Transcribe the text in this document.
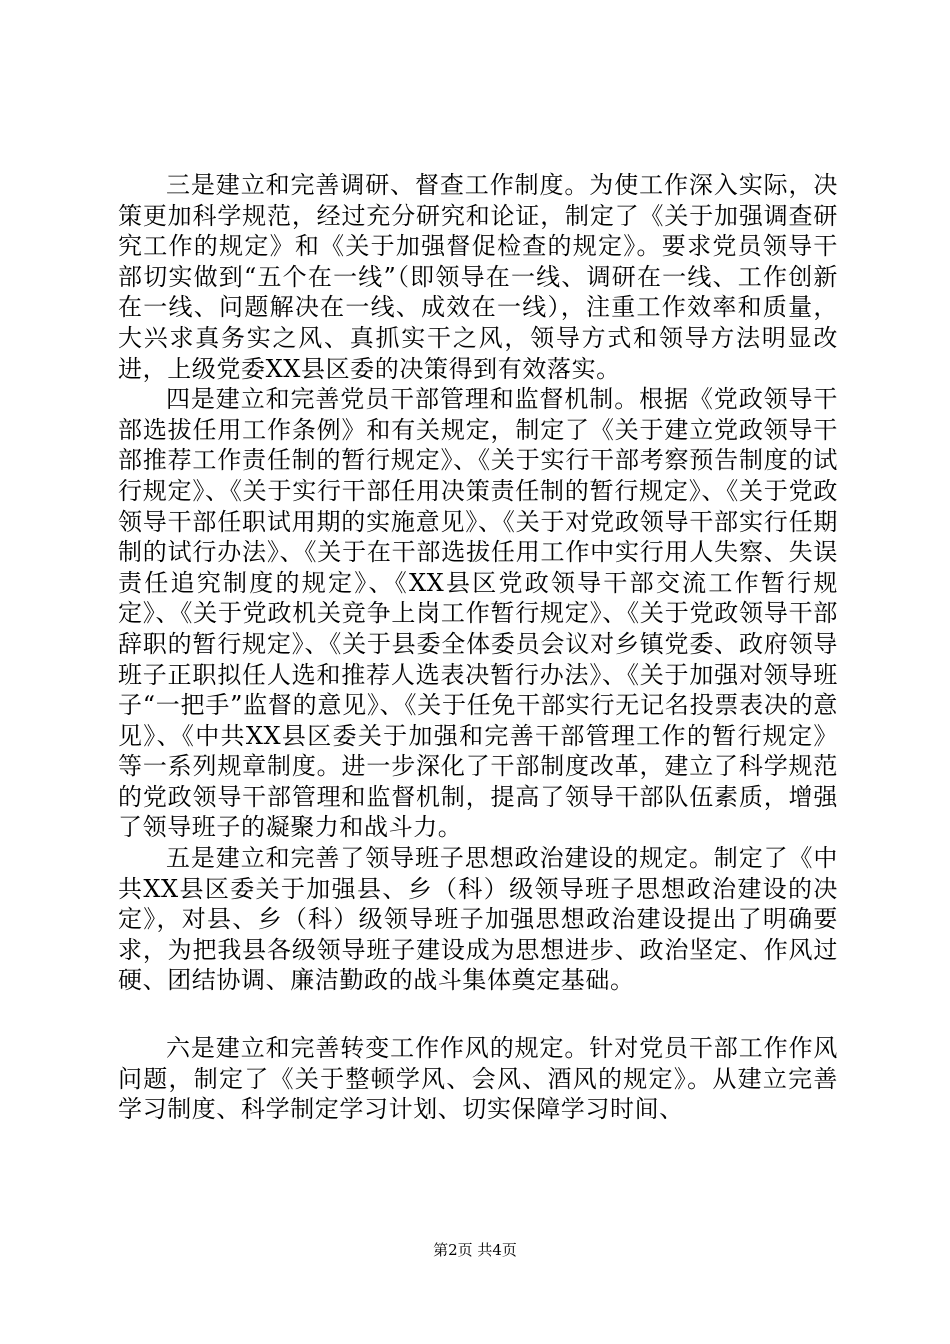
三是建立和完善调研、督查工作制度。为使工作深入实际，决策更加科学规范，经过充分研究和论证，制定了《关于加强调查研究工作的规定》和《关于加强督促检查的规定》。要求党员领导干部切实做到“五个在一线”（即领导在一线、调研在一线、工作创新在一线、问题解决在一线、成效在一线），注重工作效率和质量，大兴求真务实之风、真抓实干之风，领导方式和领导方法明显改进，上级党委XX县区委的决策得到有效落实。

四是建立和完善党员干部管理和监督机制。根据《党政领导干部选拔任用工作条例》和有关规定，制定了《关于建立党政领导干部推荐工作责任制的暂行规定》、《关于实行干部考察预告制度的试行规定》、《关于实行干部任用决策责任制的暂行规定》、《关于党政领导干部任职试用期的实施意见》、《关于对党政领导干部实行任期制的试行办法》、《关于在干部选拔任用工作中实行用人失察、失误责任追究制度的规定》、《XX县区党政领导干部交流工作暂行规定》、《关于党政机关竞争上岗工作暂行规定》、《关于党政领导干部辞职的暂行规定》、《关于县委全体委员会议对乡镇党委、政府领导班子正职拟任人选和推荐人选表决暂行办法》、《关于加强对领导班子“一把手”监督的意见》、《关于任免干部实行无记名投票表决的意见》、《中共XX县区委关于加强和完善干部管理工作的暂行规定》等一系列规章制度。进一步深化了干部制度改革，建立了科学规范的党政领导干部管理和监督机制，提高了领导干部队伍素质，增强了领导班子的凝聚力和战斗力。

五是建立和完善了领导班子思想政治建设的规定。制定了《中共XX县区委关于加强县、乡（科）级领导班子思想政治建设的决定》，对县、乡（科）级领导班子加强思想政治建设提出了明确要求，为把我县各级领导班子建设成为思想进步、政治坚定、作风过硬、团结协调、廉洁勤政的战斗集体奠定基础。

六是建立和完善转变工作作风的规定。针对党员干部工作作风问题，制定了《关于整顿学风、会风、酒风的规定》。从建立完善学习制度、科学制定学习计划、切实保障学习时间、

第2页 共4页
